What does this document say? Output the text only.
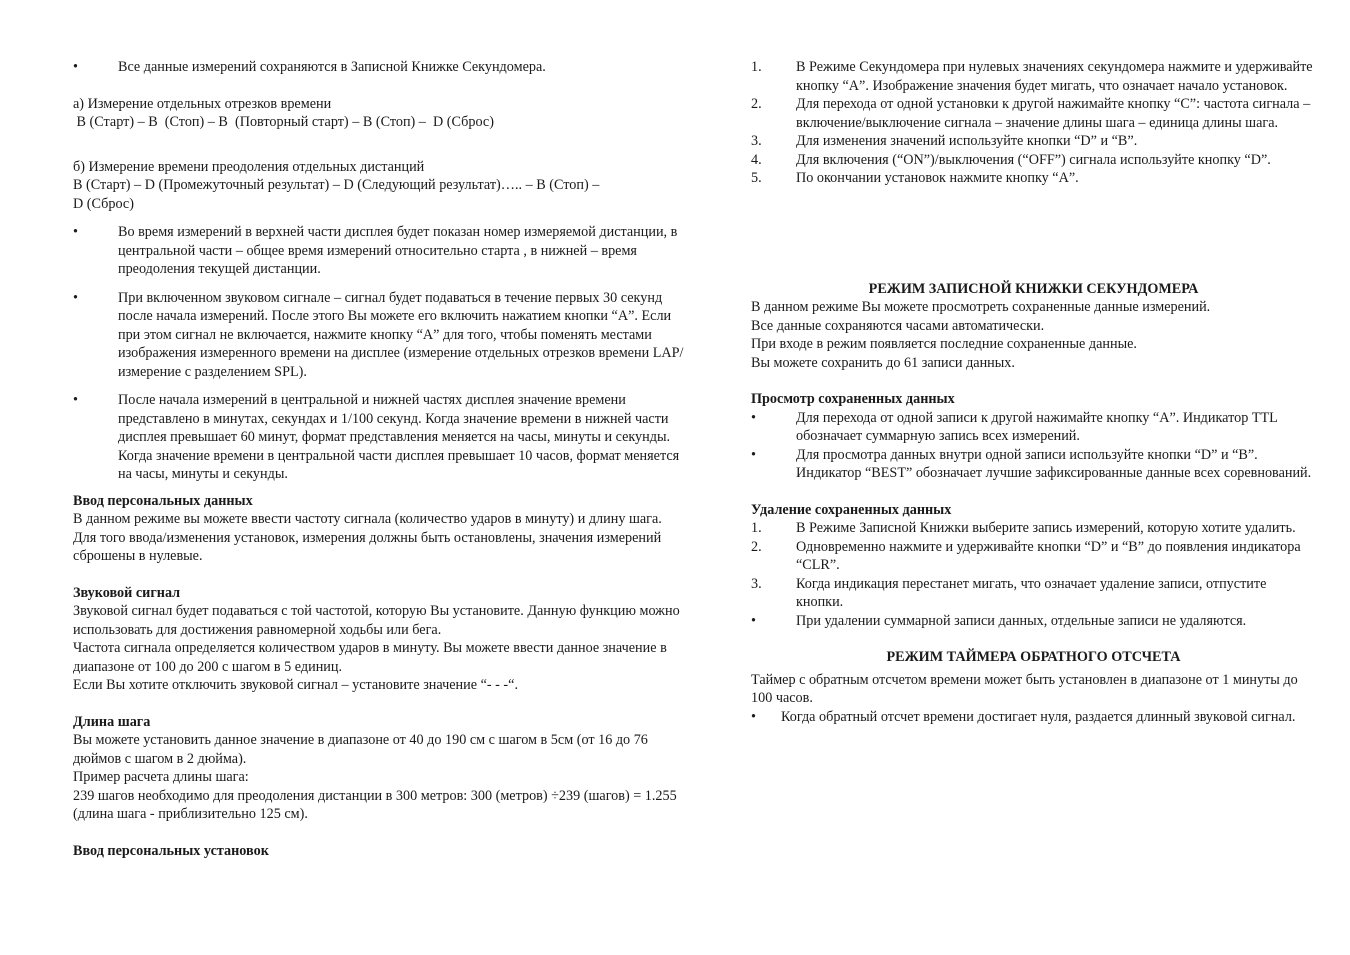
•	Все данные измерений сохраняются в Записной Книжке Секундомера.

а) Измерение отдельных отрезков времени

В (Старт) – В  (Стоп) – В  (Повторный старт) – В (Стоп) –  D (Сброс)

б) Измерение времени преодоления отдельных дистанций

В (Старт) – D (Промежуточный результат) – D (Следующий результат)….. – В (Стоп) –

D (Сброс)

•	Во время измерений в верхней части дисплея будет показан номер измеряемой дистанции, в центральной части – общее время измерений относительно старта , в нижней – время преодоления текущей дистанции.
•	При включенном звуковом сигнале – сигнал будет подаваться в течение первых 30 секунд после начала измерений. После этого Вы можете его включить нажатием кнопки “А”. Если при этом сигнал не включается, нажмите кнопку “А” для того, чтобы поменять местами изображения измеренного времени на дисплее (измерение отдельных отрезков времени LAP/измерение с разделением SPL).
•	После начала измерений в центральной и нижней частях дисплея значение времени представлено в минутах, секундах и 1/100 секунд. Когда значение времени в нижней части дисплея превышает 60 минут, формат представления меняется на часы, минуты и секунды. Когда значение времени в центральной части дисплея превышает 10 часов, формат меняется на часы, минуты и секунды.

Ввод персональных данных

В данном режиме вы можете ввести частоту сигнала (количество ударов в минуту) и длину шага.

Для того ввода/изменения установок, измерения должны быть остановлены, значения измерений сброшены в нулевые.

Звуковой сигнал

Звуковой сигнал будет подаваться с той частотой, которую Вы установите. Данную функцию можно использовать для достижения равномерной ходьбы или бега.

Частота сигнала определяется количеством ударов в минуту. Вы можете ввести данное значение в диапазоне от 100 до 200 с шагом в 5 единиц.

Если Вы хотите отключить звуковой сигнал – установите значение “- - -“.

Длина шага

Вы можете установить данное значение в диапазоне от 40 до 190 см с шагом в 5см (от 16 до 76 дюймов с шагом в 2 дюйма).

Пример расчета длины шага:

239 шагов необходимо для преодоления дистанции в 300 метров: 300 (метров) ÷239 (шагов) = 1.255 (длина шага - приблизительно 125 см).

Ввод персональных установок

1.	В Режиме Секундомера при нулевых значениях секундомера нажмите и удерживайте кнопку “А”. Изображение значения будет мигать, что означает начало установок.
2.	Для перехода от одной установки к другой нажимайте кнопку “С”: частота сигнала – включение/выключение сигнала – значение длины шага – единица длины шага.
3.	Для изменения значений используйте кнопки “D” и “В”.
4.	Для включения (“ON”)/выключения (“OFF”) сигнала используйте кнопку “D”.
5.	По окончании установок нажмите кнопку “А”.

РЕЖИМ ЗАПИСНОЙ КНИЖКИ СЕКУНДОМЕРА

В данном режиме Вы можете просмотреть сохраненные данные измерений.

Все данные сохраняются часами автоматически.

При входе в режим появляется последние сохраненные данные.

Вы можете сохранить до 61 записи данных.

Просмотр сохраненных данных

•	Для перехода от одной записи к другой нажимайте кнопку “А”. Индикатор TTL обозначает суммарную запись всех измерений.
•	Для просмотра данных внутри одной записи используйте кнопки “D” и “В”. Индикатор “BEST” обозначает лучшие зафиксированные данные всех соревнований.

Удаление сохраненных данных

1.	В Режиме Записной Книжки выберите запись измерений, которую хотите удалить.
2.	Одновременно нажмите и удерживайте кнопки “D” и “В” до появления индикатора “CLR”.
3.	Когда индикация перестанет мигать, что означает удаление записи, отпустите кнопки.
•	При удалении суммарной записи данных, отдельные записи не удаляются.

РЕЖИМ ТАЙМЕРА ОБРАТНОГО ОТСЧЕТА

Таймер с обратным отсчетом времени может быть установлен в диапазоне от 1 минуты до 100 часов.

•	Когда обратный отсчет времени достигает нуля, раздается длинный звуковой сигнал.
